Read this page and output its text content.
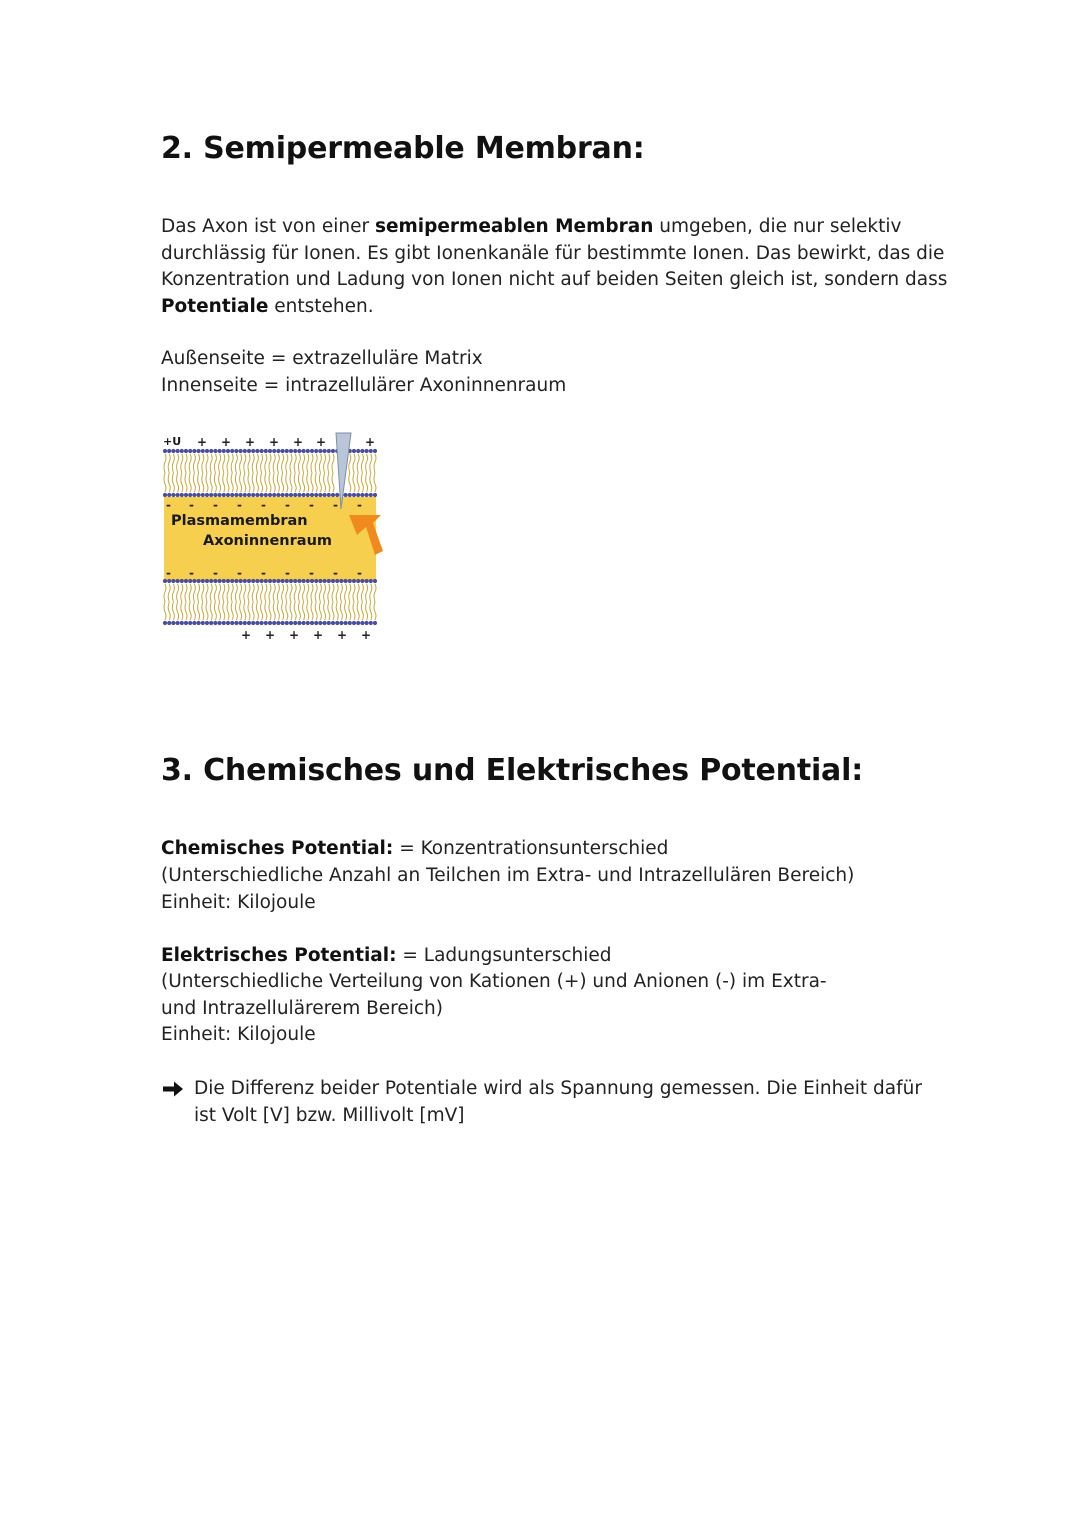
2. Semipermeable Membran:
Das Axon ist von einer semipermeablen Membran umgeben, die nur selektiv durchlässig für Ionen. Es gibt Ionenkanäle für bestimmte Ionen. Das bewirkt, das die Konzentration und Ladung von Ionen nicht auf beiden Seiten gleich ist, sondern dass Potentiale entstehen.
Außenseite = extrazelluläre Matrix
Innenseite = intrazellulärer Axoninnenraum
3. Chemisches und Elektrisches Potential:
Chemisches Potential: = Konzentrationsunterschied
(Unterschiedliche Anzahl an Teilchen im Extra- und Intrazellulären Bereich)
Einheit: Kilojoule
Elektrisches Potential: = Ladungsunterschied
(Unterschiedliche Verteilung von Kationen (+) und Anionen (-) im Extra- und Intrazellulärerem Bereich)
Einheit: Kilojoule
Die Differenz beider Potentiale wird als Spannung gemessen. Die Einheit dafür ist Volt [V] bzw. Millivolt [mV]
+ + + + + +	+
- - - - - - - - -
- - - - - - - - -
+ + + + + +
+U
Plasmamembran
Axoninnenraum
